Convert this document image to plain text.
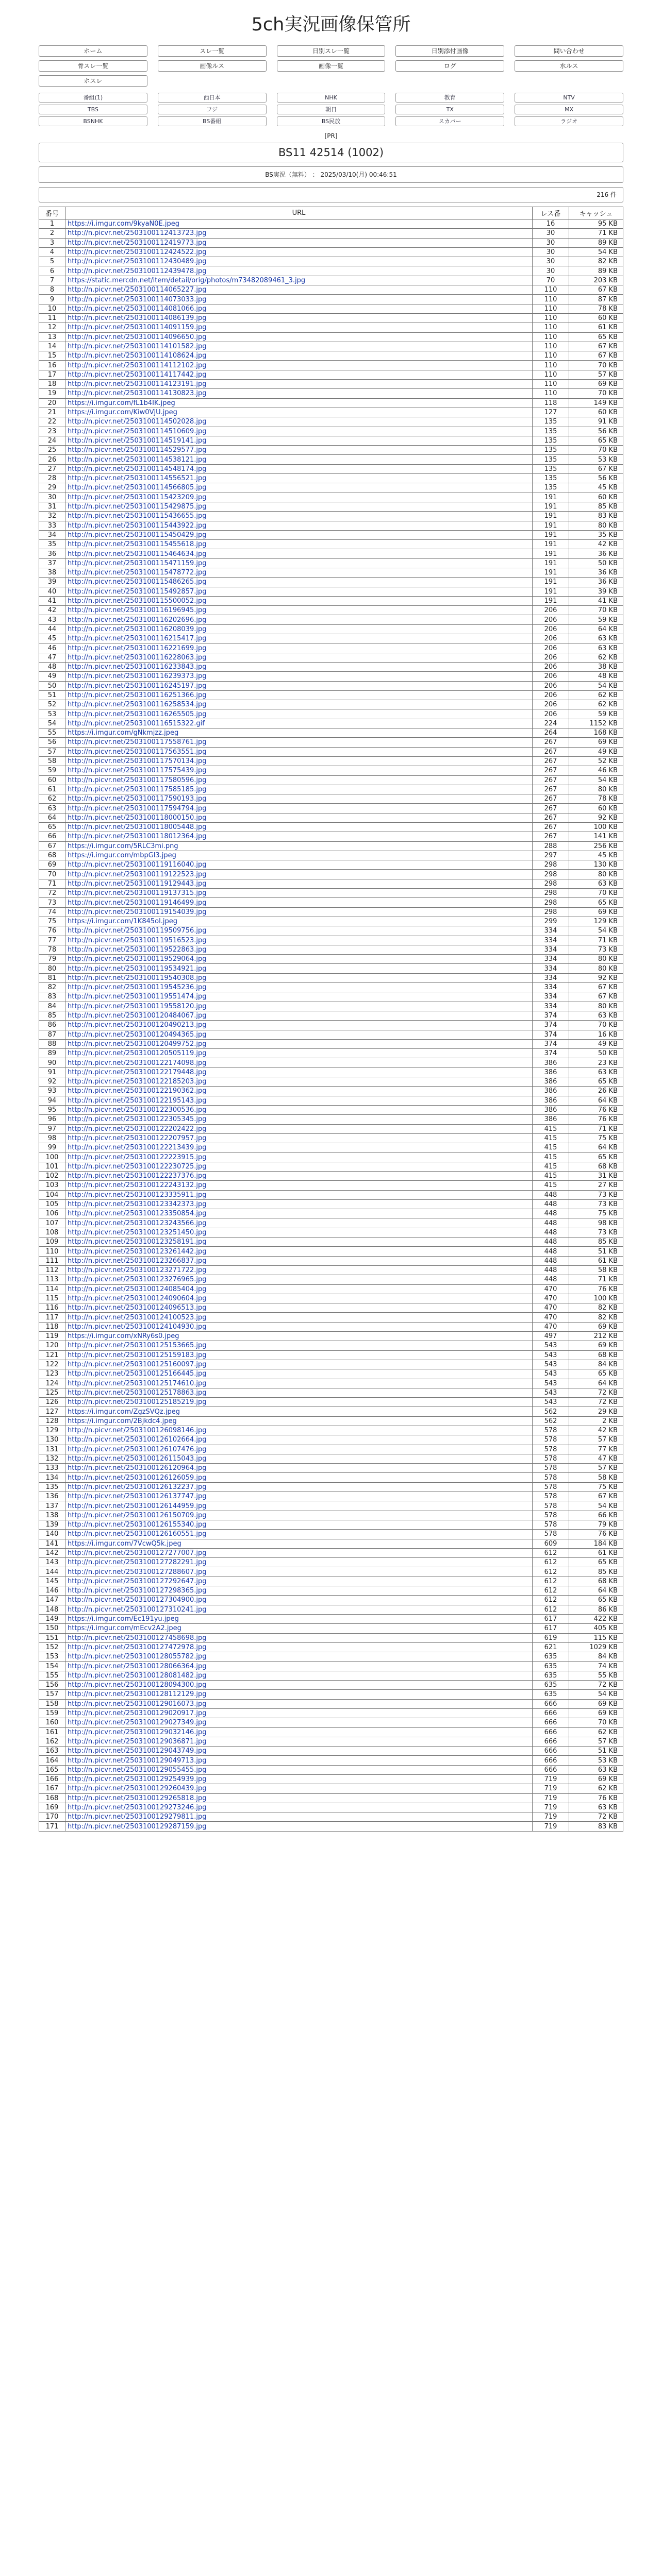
5ch実況画像保管所
ホーム	スレ一覧	日別スレ一覧	日別添付画像	問い合わせ
骨スレ一覧	画像ルス	画像一覧	ログ	水ルス
ホスレ
番組(1)	西日本	NHK	教育	NTV
TBS	フジ	朝日	TX	MX
BSNHK	BS番組	BS民放	スカパー	ラジオ
[PR]
BS11 42514 (1002)
BS実況（無料） ： 2025/03/10(月) 00:46:51
216 件
番号	URL	レス番	キャッシュ
1	https://i.imgur.com/9kyaN0E.jpeg	16	95 KB
2	http://n.picvr.net/2503100112413723.jpg	30	71 KB
3	http://n.picvr.net/2503100112419773.jpg	30	89 KB
4	http://n.picvr.net/2503100112424522.jpg	30	54 KB
5	http://n.picvr.net/2503100112430489.jpg	30	82 KB
6	http://n.picvr.net/2503100112439478.jpg	30	89 KB
7	https://static.mercdn.net/item/detail/orig/photos/m73482089461_3.jpg	70	203 KB
8	http://n.picvr.net/2503100114065227.jpg	110	67 KB
9	http://n.picvr.net/2503100114073033.jpg	110	87 KB
10	http://n.picvr.net/2503100114081066.jpg	110	78 KB
11	http://n.picvr.net/2503100114086139.jpg	110	60 KB
12	http://n.picvr.net/2503100114091159.jpg	110	61 KB
13	http://n.picvr.net/2503100114096650.jpg	110	65 KB
14	http://n.picvr.net/2503100114101582.jpg	110	67 KB
15	http://n.picvr.net/2503100114108624.jpg	110	67 KB
16	http://n.picvr.net/2503100114112102.jpg	110	70 KB
17	http://n.picvr.net/2503100114117442.jpg	110	57 KB
18	http://n.picvr.net/2503100114123191.jpg	110	69 KB
19	http://n.picvr.net/2503100114130823.jpg	110	70 KB
20	https://i.imgur.com/fL1b4IK.jpeg	118	149 KB
21	https://i.imgur.com/Kiw0VjU.jpeg	127	60 KB
22	http://n.picvr.net/2503100114502028.jpg	135	91 KB
23	http://n.picvr.net/2503100114510609.jpg	135	56 KB
24	http://n.picvr.net/2503100114519141.jpg	135	65 KB
25	http://n.picvr.net/2503100114529577.jpg	135	70 KB
26	http://n.picvr.net/2503100114538121.jpg	135	53 KB
27	http://n.picvr.net/2503100114548174.jpg	135	67 KB
28	http://n.picvr.net/2503100114556521.jpg	135	56 KB
29	http://n.picvr.net/2503100114566805.jpg	135	45 KB
30	http://n.picvr.net/2503100115423209.jpg	191	60 KB
31	http://n.picvr.net/2503100115429875.jpg	191	85 KB
32	http://n.picvr.net/2503100115436655.jpg	191	83 KB
33	http://n.picvr.net/2503100115443922.jpg	191	80 KB
34	http://n.picvr.net/2503100115450429.jpg	191	35 KB
35	http://n.picvr.net/2503100115455618.jpg	191	42 KB
36	http://n.picvr.net/2503100115464634.jpg	191	36 KB
37	http://n.picvr.net/2503100115471159.jpg	191	50 KB
38	http://n.picvr.net/2503100115478772.jpg	191	36 KB
39	http://n.picvr.net/2503100115486265.jpg	191	36 KB
40	http://n.picvr.net/2503100115492857.jpg	191	39 KB
41	http://n.picvr.net/2503100115500052.jpg	191	41 KB
42	http://n.picvr.net/2503100116196945.jpg	206	70 KB
43	http://n.picvr.net/2503100116202696.jpg	206	59 KB
44	http://n.picvr.net/2503100116208039.jpg	206	64 KB
45	http://n.picvr.net/2503100116215417.jpg	206	63 KB
46	http://n.picvr.net/2503100116221699.jpg	206	63 KB
47	http://n.picvr.net/2503100116228063.jpg	206	62 KB
48	http://n.picvr.net/2503100116233843.jpg	206	38 KB
49	http://n.picvr.net/2503100116239373.jpg	206	48 KB
50	http://n.picvr.net/2503100116245197.jpg	206	54 KB
51	http://n.picvr.net/2503100116251366.jpg	206	62 KB
52	http://n.picvr.net/2503100116258534.jpg	206	62 KB
53	http://n.picvr.net/2503100116265505.jpg	206	59 KB
54	http://n.picvr.net/2503100116515322.gif	224	1152 KB
55	https://i.imgur.com/gNkmjzz.jpeg	264	168 KB
56	http://n.picvr.net/2503100117558761.jpg	267	69 KB
57	http://n.picvr.net/2503100117563551.jpg	267	49 KB
58	http://n.picvr.net/2503100117570134.jpg	267	52 KB
59	http://n.picvr.net/2503100117575439.jpg	267	46 KB
60	http://n.picvr.net/2503100117580596.jpg	267	54 KB
61	http://n.picvr.net/2503100117585185.jpg	267	80 KB
62	http://n.picvr.net/2503100117590193.jpg	267	78 KB
63	http://n.picvr.net/2503100117594794.jpg	267	60 KB
64	http://n.picvr.net/2503100118000150.jpg	267	92 KB
65	http://n.picvr.net/2503100118005448.jpg	267	100 KB
66	http://n.picvr.net/2503100118012364.jpg	267	141 KB
67	https://i.imgur.com/5RLC3mi.png	288	256 KB
68	https://i.imgur.com/mbpGl3.jpeg	297	45 KB
69	http://n.picvr.net/2503100119116040.jpg	298	130 KB
70	http://n.picvr.net/2503100119122523.jpg	298	80 KB
71	http://n.picvr.net/2503100119129443.jpg	298	63 KB
72	http://n.picvr.net/2503100119137315.jpg	298	70 KB
73	http://n.picvr.net/2503100119146499.jpg	298	65 KB
74	http://n.picvr.net/2503100119154039.jpg	298	69 KB
75	https://i.imgur.com/1K845ol.jpeg	299	129 KB
76	http://n.picvr.net/2503100119509756.jpg	334	54 KB
77	http://n.picvr.net/2503100119516523.jpg	334	71 KB
78	http://n.picvr.net/2503100119522863.jpg	334	73 KB
79	http://n.picvr.net/2503100119529064.jpg	334	80 KB
80	http://n.picvr.net/2503100119534921.jpg	334	80 KB
81	http://n.picvr.net/2503100119540308.jpg	334	92 KB
82	http://n.picvr.net/2503100119545236.jpg	334	67 KB
83	http://n.picvr.net/2503100119551474.jpg	334	67 KB
84	http://n.picvr.net/2503100119558120.jpg	334	80 KB
85	http://n.picvr.net/2503100120484067.jpg	374	63 KB
86	http://n.picvr.net/2503100120490213.jpg	374	70 KB
87	http://n.picvr.net/2503100120494365.jpg	374	16 KB
88	http://n.picvr.net/2503100120499752.jpg	374	49 KB
89	http://n.picvr.net/2503100120505119.jpg	374	50 KB
90	http://n.picvr.net/2503100122174098.jpg	386	23 KB
91	http://n.picvr.net/2503100122179448.jpg	386	63 KB
92	http://n.picvr.net/2503100122185203.jpg	386	65 KB
93	http://n.picvr.net/2503100122190362.jpg	386	26 KB
94	http://n.picvr.net/2503100122195143.jpg	386	64 KB
95	http://n.picvr.net/2503100122300536.jpg	386	76 KB
96	http://n.picvr.net/2503100122305345.jpg	386	76 KB
97	http://n.picvr.net/2503100122202422.jpg	415	71 KB
98	http://n.picvr.net/2503100122207957.jpg	415	75 KB
99	http://n.picvr.net/2503100122213439.jpg	415	64 KB
100	http://n.picvr.net/2503100122223915.jpg	415	65 KB
101	http://n.picvr.net/2503100122230725.jpg	415	68 KB
102	http://n.picvr.net/2503100122237376.jpg	415	31 KB
103	http://n.picvr.net/2503100122243132.jpg	415	27 KB
104	http://n.picvr.net/2503100123335911.jpg	448	73 KB
105	http://n.picvr.net/2503100123342373.jpg	448	73 KB
106	http://n.picvr.net/2503100123350854.jpg	448	75 KB
107	http://n.picvr.net/2503100123243566.jpg	448	98 KB
108	http://n.picvr.net/2503100123251450.jpg	448	73 KB
109	http://n.picvr.net/2503100123258191.jpg	448	85 KB
110	http://n.picvr.net/2503100123261442.jpg	448	51 KB
111	http://n.picvr.net/2503100123266837.jpg	448	61 KB
112	http://n.picvr.net/2503100123271722.jpg	448	58 KB
113	http://n.picvr.net/2503100123276965.jpg	448	71 KB
114	http://n.picvr.net/2503100124085404.jpg	470	76 KB
115	http://n.picvr.net/2503100124090604.jpg	470	100 KB
116	http://n.picvr.net/2503100124096513.jpg	470	82 KB
117	http://n.picvr.net/2503100124100523.jpg	470	82 KB
118	http://n.picvr.net/2503100124104930.jpg	470	69 KB
119	https://i.imgur.com/xNRy6s0.jpeg	497	212 KB
120	http://n.picvr.net/2503100125153665.jpg	543	69 KB
121	http://n.picvr.net/2503100125159183.jpg	543	68 KB
122	http://n.picvr.net/2503100125160097.jpg	543	84 KB
123	http://n.picvr.net/2503100125166445.jpg	543	65 KB
124	http://n.picvr.net/2503100125174610.jpg	543	64 KB
125	http://n.picvr.net/2503100125178863.jpg	543	72 KB
126	http://n.picvr.net/2503100125185219.jpg	543	72 KB
127	https://i.imgur.com/ZgzSVQz.jpeg	562	29 KB
128	https://i.imgur.com/2Bjkdc4.jpeg	562	2 KB
129	http://n.picvr.net/2503100126098146.jpg	578	42 KB
130	http://n.picvr.net/2503100126102664.jpg	578	57 KB
131	http://n.picvr.net/2503100126107476.jpg	578	77 KB
132	http://n.picvr.net/2503100126115043.jpg	578	47 KB
133	http://n.picvr.net/2503100126120964.jpg	578	57 KB
134	http://n.picvr.net/2503100126126059.jpg	578	58 KB
135	http://n.picvr.net/2503100126132237.jpg	578	75 KB
136	http://n.picvr.net/2503100126137747.jpg	578	67 KB
137	http://n.picvr.net/2503100126144959.jpg	578	54 KB
138	http://n.picvr.net/2503100126150709.jpg	578	66 KB
139	http://n.picvr.net/2503100126155340.jpg	578	79 KB
140	http://n.picvr.net/2503100126160551.jpg	578	76 KB
141	https://i.imgur.com/7VcwQ5k.jpeg	609	184 KB
142	http://n.picvr.net/2503100127277007.jpg	612	61 KB
143	http://n.picvr.net/2503100127282291.jpg	612	65 KB
144	http://n.picvr.net/2503100127288607.jpg	612	85 KB
145	http://n.picvr.net/2503100127292647.jpg	612	68 KB
146	http://n.picvr.net/2503100127298365.jpg	612	64 KB
147	http://n.picvr.net/2503100127304900.jpg	612	65 KB
148	http://n.picvr.net/2503100127310241.jpg	612	86 KB
149	https://i.imgur.com/Ec191yu.jpeg	617	422 KB
150	https://i.imgur.com/mEcv2A2.jpeg	617	405 KB
151	http://n.picvr.net/2503100127458698.jpg	619	115 KB
152	http://n.picvr.net/2503100127472978.jpg	621	1029 KB
153	http://n.picvr.net/2503100128055782.jpg	635	84 KB
154	http://n.picvr.net/2503100128066364.jpg	635	74 KB
155	http://n.picvr.net/2503100128081482.jpg	635	55 KB
156	http://n.picvr.net/2503100128094300.jpg	635	72 KB
157	http://n.picvr.net/2503100128112129.jpg	635	54 KB
158	http://n.picvr.net/2503100129016073.jpg	666	69 KB
159	http://n.picvr.net/2503100129020917.jpg	666	69 KB
160	http://n.picvr.net/2503100129027349.jpg	666	70 KB
161	http://n.picvr.net/2503100129032146.jpg	666	62 KB
162	http://n.picvr.net/2503100129036871.jpg	666	57 KB
163	http://n.picvr.net/2503100129043749.jpg	666	51 KB
164	http://n.picvr.net/2503100129049713.jpg	666	53 KB
165	http://n.picvr.net/2503100129055455.jpg	666	63 KB
166	http://n.picvr.net/2503100129254939.jpg	719	69 KB
167	http://n.picvr.net/2503100129260439.jpg	719	62 KB
168	http://n.picvr.net/2503100129265818.jpg	719	76 KB
169	http://n.picvr.net/2503100129273246.jpg	719	63 KB
170	http://n.picvr.net/2503100129279811.jpg	719	72 KB
171	http://n.picvr.net/2503100129287159.jpg	719	83 KB
